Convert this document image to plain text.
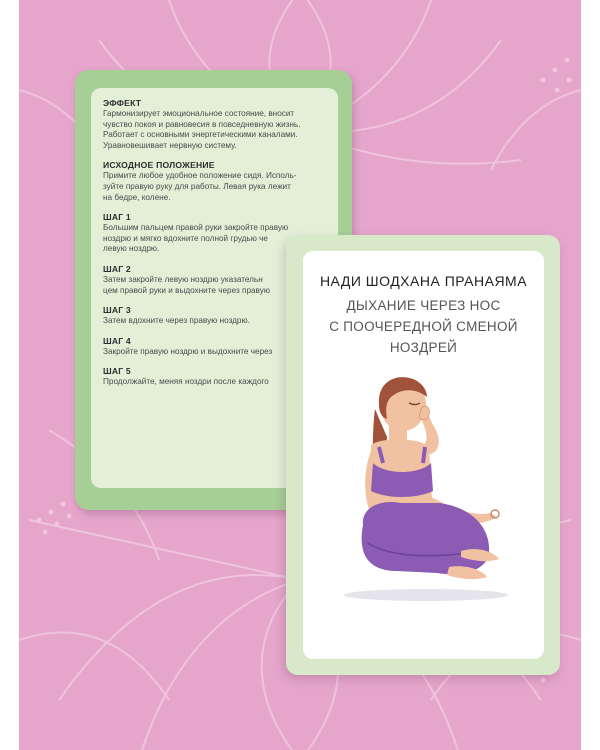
ЭФФЕКТ
Гармонизирует эмоциональное состояние, вносит
чувство покоя и равновесия в повседневную жизнь.
Работает с основными энергетическими каналами.
Уравновешивает нервную систему.
ИСХОДНОЕ ПОЛОЖЕНИЕ
Примите любое удобное положение сидя. Исполь-
зуйте правую руку для работы. Левая рука лежит
на бедре, колене.
ШАГ 1
Большим пальцем правой руки закройте правую
ноздрю и мягко вдохните полной грудью че
левую ноздрю.
ШАГ 2
Затем закройте левую ноздрю указательн
цем правой руки и выдохните через правую
ШАГ 3
Затем вдохните через правую ноздрю.
ШАГ 4
Закройте правую ноздрю и выдохните через
ШАГ 5
Продолжайте, меняя ноздри после каждого
НАДИ ШОДХАНА ПРАНАЯМА
ДЫХАНИЕ ЧЕРЕЗ НОС
С ПООЧЕРЕДНОЙ СМЕНОЙ
НОЗДРЕЙ
